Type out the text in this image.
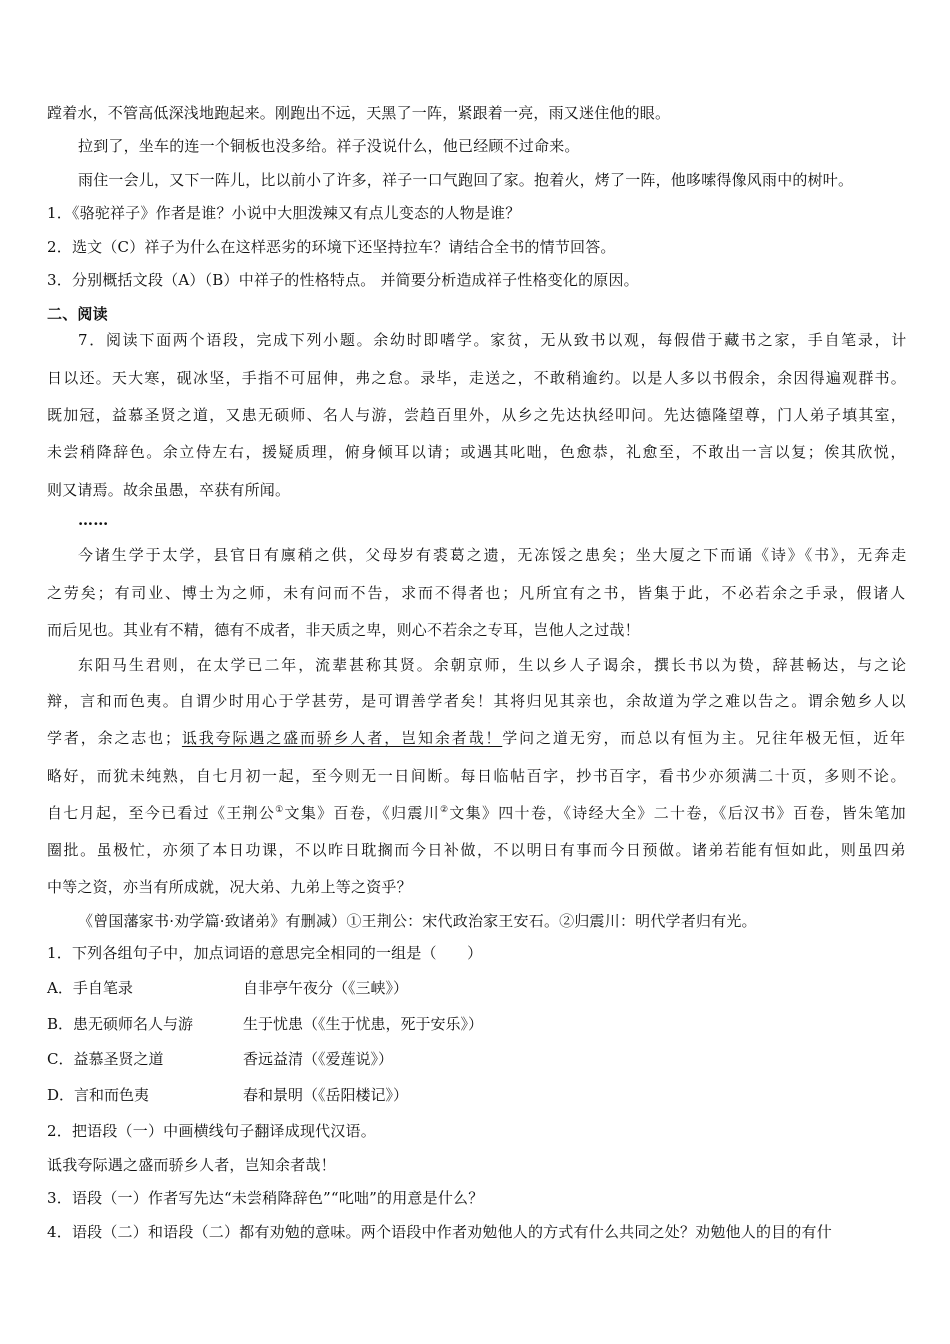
蹚着水，不管高低深浅地跑起来。刚跑出不远，天黑了一阵，紧跟着一亮，雨又迷住他的眼。
拉到了，坐车的连一个铜板也没多给。祥子没说什么，他已经顾不过命来。
雨住一会儿，又下一阵儿，比以前小了许多，祥子一口气跑回了家。抱着火，烤了一阵，他哆嗦得像风雨中的树叶。
1．《骆驼祥子》作者是谁？小说中大胆泼辣又有点儿变态的人物是谁？
2．选文（C）祥子为什么在这样恶劣的环境下还坚持拉车？请结合全书的情节回答。
3．分别概括文段（A）（B）中祥子的性格特点。 并简要分析造成祥子性格变化的原因。
二、阅读
7．阅读下面两个语段，完成下列小题。余幼时即嗜学。家贫，无从致书以观，每假借于藏书之家，手自笔录，计
日以还。天大寒，砚冰坚，手指不可屈伸，弗之怠。录毕，走送之，不敢稍逾约。以是人多以书假余，余因得遍观群书。
既加冠，益慕圣贤之道，又患无硕师、名人与游，尝趋百里外，从乡之先达执经叩问。先达德隆望尊，门人弟子填其室，
未尝稍降辞色。余立侍左右，援疑质理，俯身倾耳以请；或遇其叱咄，色愈恭，礼愈至，不敢出一言以复；俟其欣悦，
则又请焉。故余虽愚，卒获有所闻。
……
今诸生学于太学，县官日有廪稍之供，父母岁有裘葛之遗，无冻馁之患矣；坐大厦之下而诵《诗》《书》，无奔走
之劳矣；有司业、博士为之师，未有问而不告，求而不得者也；凡所宜有之书，皆集于此，不必若余之手录，假诸人
而后见也。其业有不精，德有不成者，非天质之卑，则心不若余之专耳，岂他人之过哉！
东阳马生君则，在太学已二年，流辈甚称其贤。余朝京师，生以乡人子谒余，撰长书以为贽，辞甚畅达，与之论
辩，言和而色夷。自谓少时用心于学甚劳，是可谓善学者矣！其将归见其亲也，余故道为学之难以告之。谓余勉乡人以
学者，余之志也；诋我夸际遇之盛而骄乡人者，岂知余者哉！学问之道无穷，而总以有恒为主。兄往年极无恒，近年
略好，而犹未纯熟，自七月初一起，至今则无一日间断。每日临帖百字，抄书百字，看书少亦须满二十页，多则不论。
自七月起，至今已看过《王荆公①文集》百卷，《归震川②文集》四十卷，《诗经大全》二十卷，《后汉书》百卷，皆朱笔加
圈批。虽极忙，亦须了本日功课，不以昨日耽搁而今日补做，不以明日有事而今日预做。诸弟若能有恒如此，则虽四弟
中等之资，亦当有所成就，况大弟、九弟上等之资乎？
《曾国藩家书·劝学篇·致诸弟》有删减）①王荆公：宋代政治家王安石。②归震川：明代学者归有光。
1．下列各组句子中，加点词语的意思完全相同的一组是（　　）
A．手自笔录	自非亭午夜分（《三峡》）
B．患无硕师名人与游	生于忧患（《生于忧患，死于安乐》）
C．益慕圣贤之道	香远益清（《爱莲说》）
D．言和而色夷	春和景明（《岳阳楼记》）
2．把语段（一）中画横线句子翻译成现代汉语。
诋我夸际遇之盛而骄乡人者，岂知余者哉！
3．语段（一）作者写先达“未尝稍降辞色”“叱咄”的用意是什么？
4．语段（二）和语段（二）都有劝勉的意味。两个语段中作者劝勉他人的方式有什么共同之处？劝勉他人的目的有什
